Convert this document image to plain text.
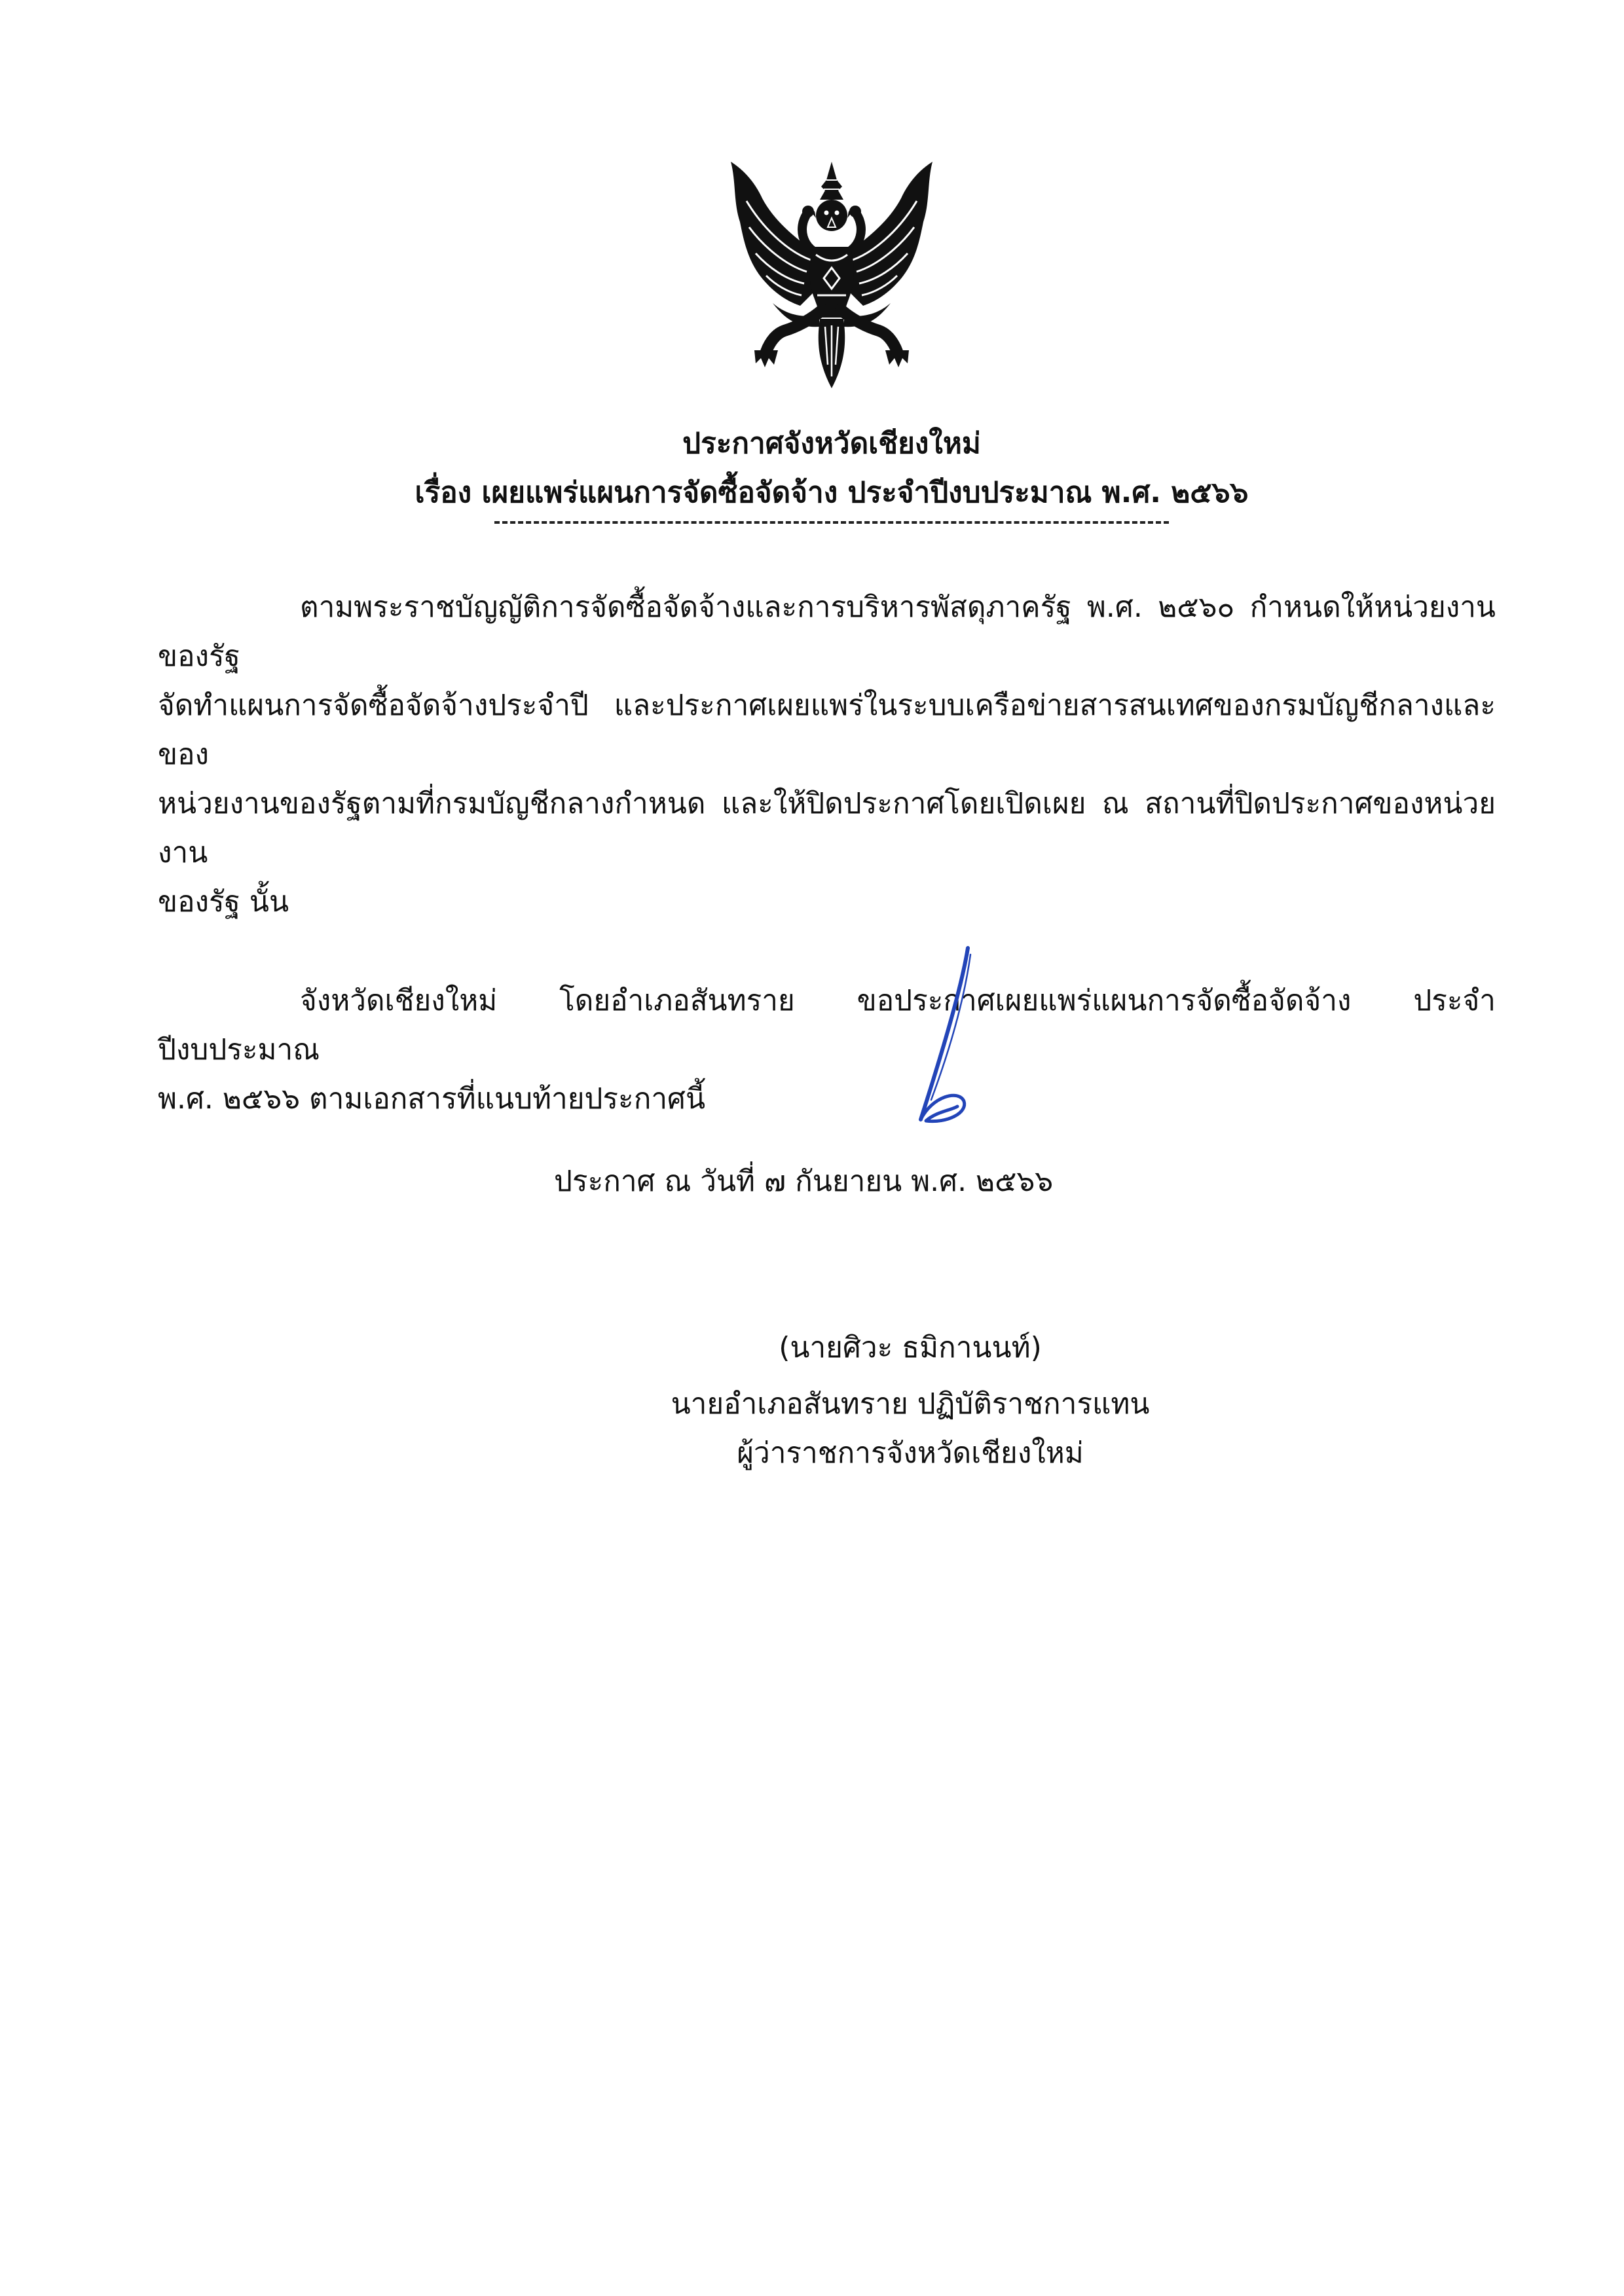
ประกาศจังหวัดเชียงใหม่
เรื่อง เผยแพร่แผนการจัดซื้อจัดจ้าง ประจำปีงบประมาณ พ.ศ. ๒๕๖๖
ตามพระราชบัญญัติการจัดซื้อจัดจ้างและการบริหารพัสดุภาครัฐ พ.ศ. ๒๕๖๐ กำหนดให้หน่วยงานของรัฐ
จัดทำแผนการจัดซื้อจัดจ้างประจำปี และประกาศเผยแพร่ในระบบเครือข่ายสารสนเทศของกรมบัญชีกลางและของ
หน่วยงานของรัฐตามที่กรมบัญชีกลางกำหนด และให้ปิดประกาศโดยเปิดเผย ณ สถานที่ปิดประกาศของหน่วยงาน
ของรัฐ นั้น
จังหวัดเชียงใหม่ โดยอำเภอสันทราย ขอประกาศเผยแพร่แผนการจัดซื้อจัดจ้าง ประจำปีงบประมาณ
พ.ศ. ๒๕๖๖ ตามเอกสารที่แนบท้ายประกาศนี้
ประกาศ ณ วันที่ ๗ กันยายน พ.ศ. ๒๕๖๖
(นายศิวะ ธมิกานนท์)
นายอำเภอสันทราย ปฏิบัติราชการแทน
ผู้ว่าราชการจังหวัดเชียงใหม่
